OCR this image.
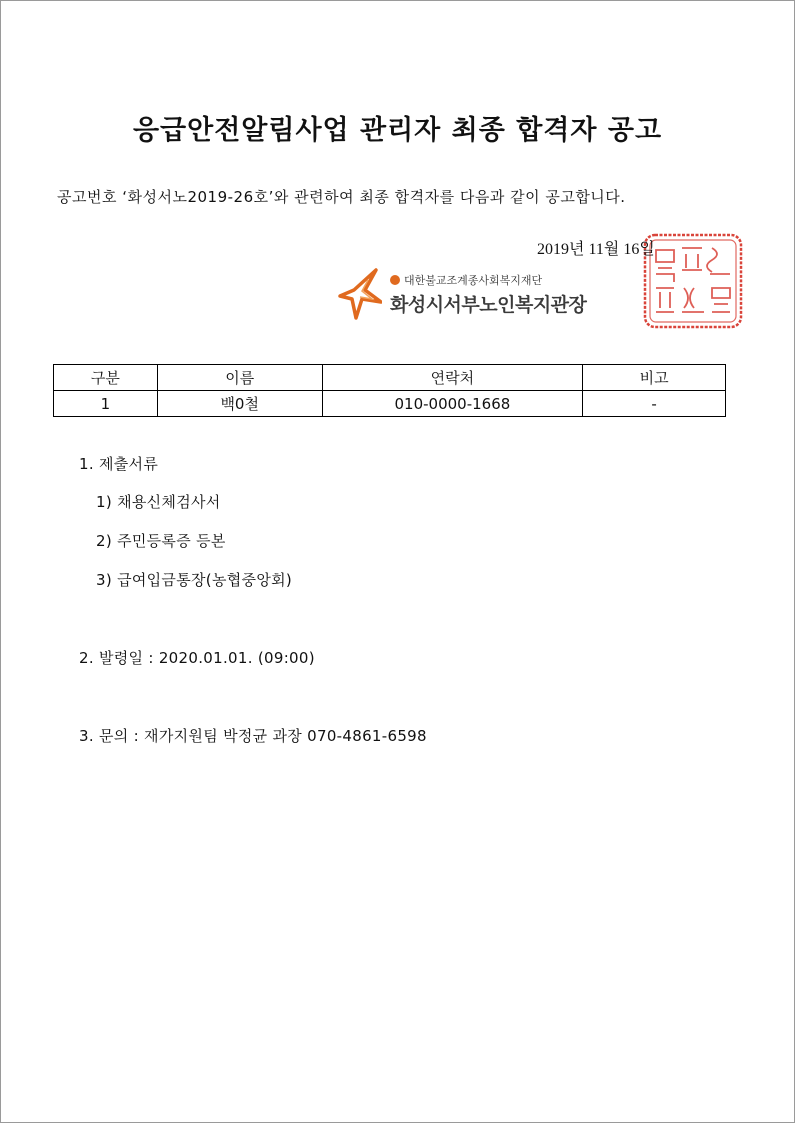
응급안전알림사업 관리자 최종 합격자 공고
공고번호 ‘화성서노2019-26호’와 관련하여 최종 합격자를 다음과 같이 공고합니다.
2019년 11월 16일
대한불교조계종사회복지재단
화성시서부노인복지관장
구분	이름	연락처	비고
1	백0철	010-0000-1668	-
1. 제출서류
1) 채용신체검사서
2) 주민등록증 등본
3) 급여입금통장(농협중앙회)
2. 발령일 : 2020.01.01. (09:00)
3. 문의 : 재가지원팀 박정균 과장 070-4861-6598
